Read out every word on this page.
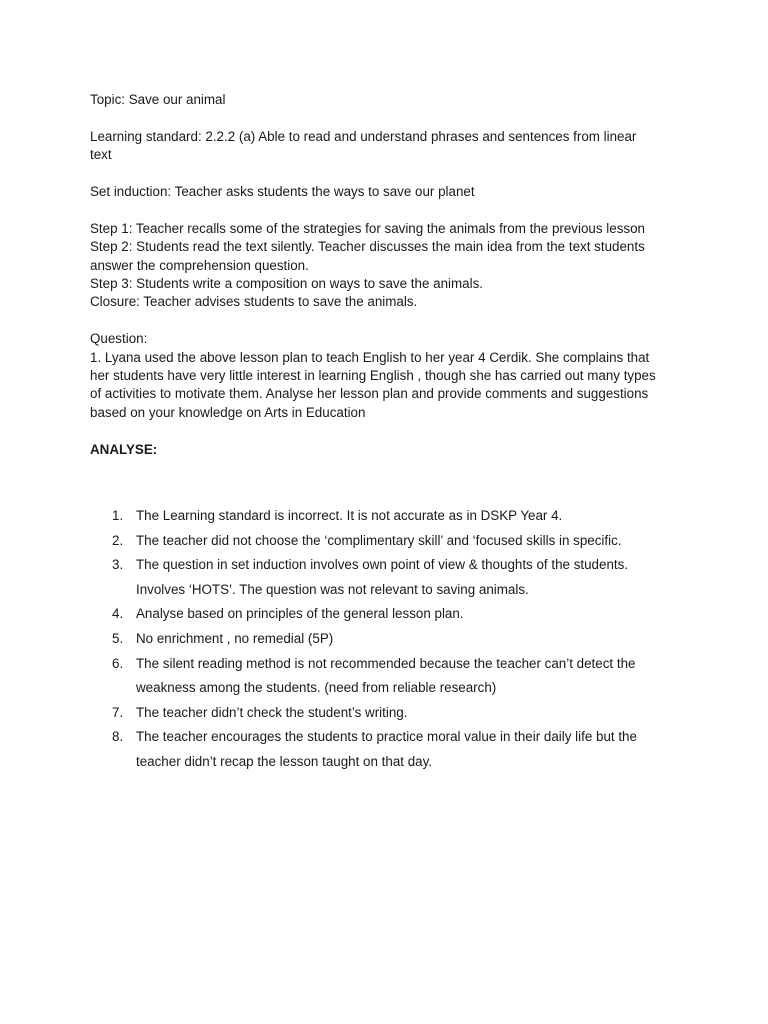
Topic: Save our animal

Learning standard: 2.2.2 (a) Able to read and understand phrases and sentences from linear

text

Set induction: Teacher asks students the ways to save our planet

Step 1: Teacher recalls some of the strategies for saving the animals from the previous lesson

Step 2: Students read the text silently. Teacher discusses the main idea from the text students

answer the comprehension question.

Step 3: Students write a composition on ways to save the animals.

Closure: Teacher advises students to save the animals.

Question:

1. Lyana used the above lesson plan to teach English to her year 4 Cerdik. She complains that

her students have very little interest in learning English , though she has carried out many types

of activities to motivate them. Analyse her lesson plan and provide comments and suggestions

based on your knowledge on Arts in Education

ANALYSE:

1. The Learning standard is incorrect. It is not accurate as in DSKP Year 4.
2. The teacher did not choose the ‘complimentary skill’ and ‘focused skills in specific.
3. The question in set induction involves own point of view & thoughts of the students.
Involves ‘HOTS’. The question was not relevant to saving animals.
4. Analyse based on principles of the general lesson plan.
5. No enrichment , no remedial (5P)
6. The silent reading method is not recommended because the teacher can’t detect the
weakness among the students. (need from reliable research)
7. The teacher didn’t check the student’s writing.
8. The teacher encourages the students to practice moral value in their daily life but the
teacher didn’t recap the lesson taught on that day.
